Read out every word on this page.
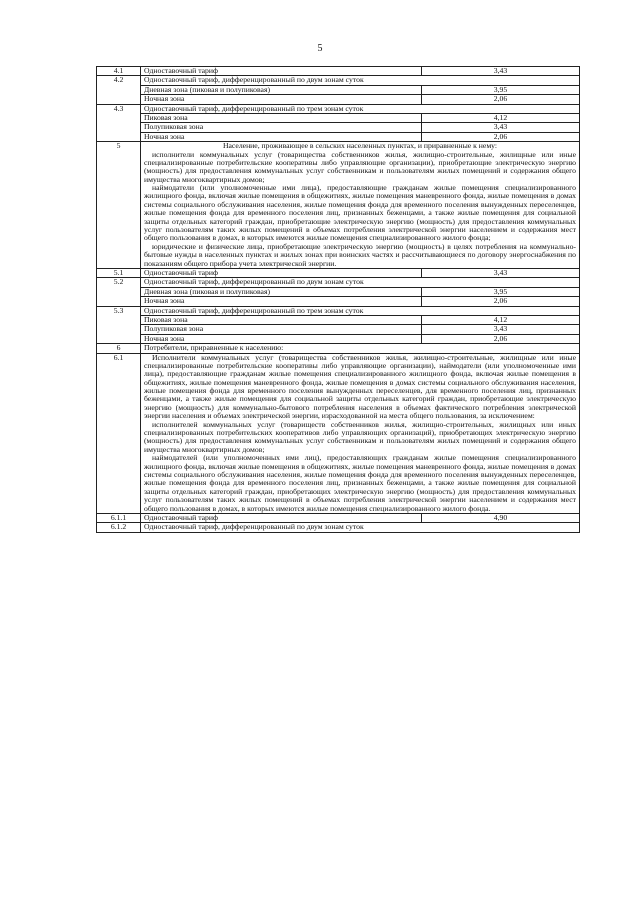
5
4.1	Одноставочный тариф	3,43
4.2	Одноставочный тариф, дифференцированный по двум зонам суток	
	Дневная зона (пиковая и полупиковая)	3,95
	Ночная зона	2,06
4.3	Одноставочный тариф, дифференцированный по трем зонам суток	
	Пиковая зона	4,12
	Полупиковая зона	3,43
	Ночная зона	2,06
5	Население, проживающее в сельских населенных пунктах, и приравненные к нему:

исполнители коммунальных услуг (товарищества собственников жилья, жилищно-строительные, жилищные или иные специализированные потребительские кооперативы либо управляющие организации), приобретающие электрическую энергию (мощность) для предоставления коммунальных услуг собственникам и пользователям жилых помещений и содержания общего имущества многоквартирных домов;

наймодатели (или уполномоченные ими лица), предоставляющие гражданам жилые помещения специализированного жилищного фонда, включая жилые помещения в общежитиях, жилые помещения маневренного фонда, жилые помещения в домах системы социального обслуживания населения, жилые помещения фонда для временного поселения вынужденных переселенцев, жилые помещения фонда для временного поселения лиц, признанных беженцами, а также жилые помещения для социальной защиты отдельных категорий граждан, приобретающие электрическую энергию (мощность) для предоставления коммунальных услуг пользователям таких жилых помещений в объемах потребления электрической энергии населением и содержания мест общего пользования в домах, в которых имеются жилые помещения специализированного жилого фонда;

юридические и физические лица, приобретающие электрическую энергию (мощность) в целях потребления на коммунально-бытовые нужды в населенных пунктах и жилых зонах при воинских частях и рассчитывающиеся по договору энергоснабжения по показаниям общего прибора учета электрической энергии.	

5.1	Одноставочный тариф	3,43
5.2	Одноставочный тариф, дифференцированный по двум зонам суток	
	Дневная зона (пиковая и полупиковая)	3,95
	Ночная зона	2,06
5.3	Одноставочный тариф, дифференцированный по трем зонам суток	
	Пиковая зона	4,12
	Полупиковая зона	3,43
	Ночная зона	2,06
6	Потребители, приравненные к населению:	
6.1	Исполнители коммунальных услуг (товарищества собственников жилья, жилищно-строительные, жилищные или иные специализированные потребительские кооперативы либо управляющие организации), наймодатели (или уполномоченные ими лица), предоставляющие гражданам жилые помещения специализированного жилищного фонда, включая жилые помещения в общежитиях, жилые помещения маневренного фонда, жилые помещения в домах системы социального обслуживания населения, жилые помещения фонда для временного поселения вынужденных переселенцев, для временного поселения лиц, признанных беженцами, а также жилые помещения для социальной защиты отдельных категорий граждан, приобретающие электрическую энергию (мощность) для коммунально-бытового потребления населения в объемах фактического потребления электрической энергии населения и объемах электрической энергии, израсходованной на места общего пользования, за исключением:

исполнителей коммунальных услуг (товариществ собственников жилья, жилищно-строительных, жилищных или иных специализированных потребительских кооперативов либо управляющих организаций), приобретающих электрическую энергию (мощность) для предоставления коммунальных услуг собственникам и пользователям жилых помещений и содержания общего имущества многоквартирных домов;

наймодателей (или уполномоченных ими лиц), предоставляющих гражданам жилые помещения специализированного жилищного фонда, включая жилые помещения в общежитиях, жилые помещения маневренного фонда, жилые помещения в домах системы социального обслуживания населения, жилые помещения фонда для временного поселения вынужденных переселенцев, жилые помещения фонда для временного поселения лиц, признанных беженцами, а также жилые помещения для социальной защиты отдельных категорий граждан, приобретающих электрическую энергию (мощность) для предоставления коммунальных услуг пользователям таких жилых помещений в объемах потребления электрической энергии населением и содержания мест общего пользования в домах, в которых имеются жилые помещения специализированного жилого фонда.	

6.1.1	Одноставочный тариф	4,90
6.1.2	Одноставочный тариф, дифференцированный по двум зонам суток	
